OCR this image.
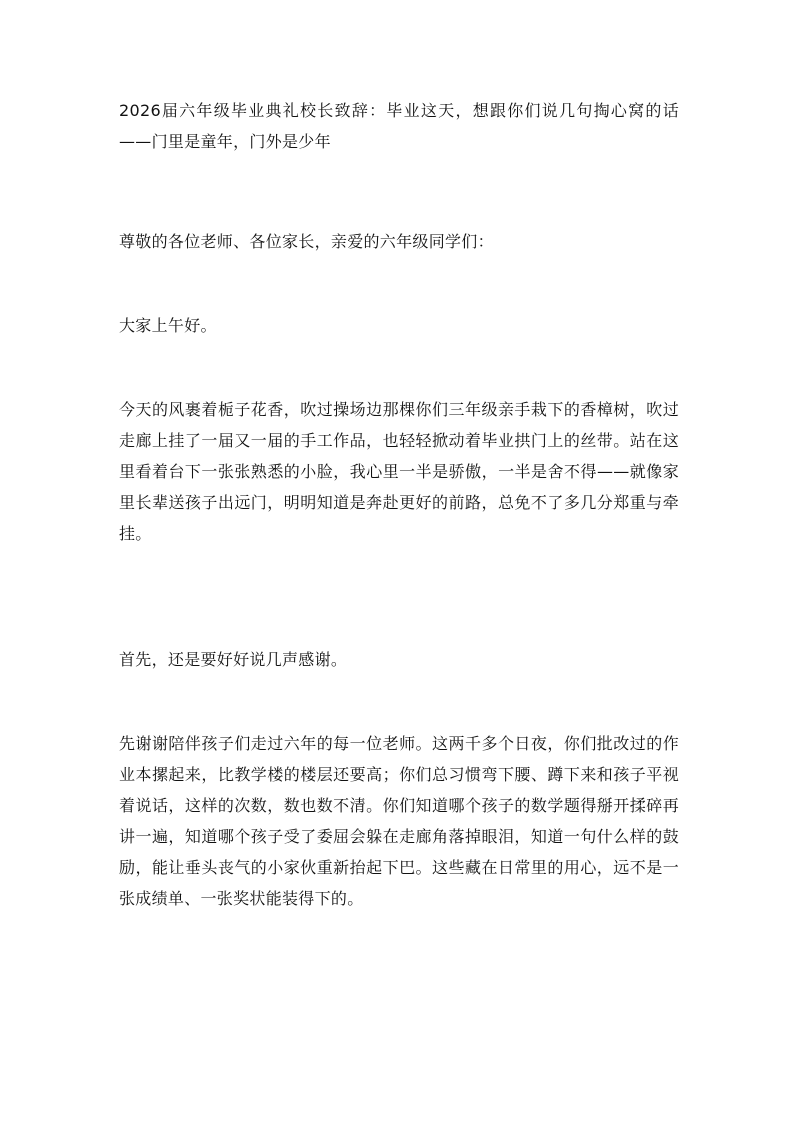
2026届六年级毕业典礼校长致辞：毕业这天，想跟你们说几句掏心窝的话——门里是童年，门外是少年

尊敬的各位老师、各位家长，亲爱的六年级同学们：

大家上午好。

今天的风裹着栀子花香，吹过操场边那棵你们三年级亲手栽下的香樟树，吹过走廊上挂了一届又一届的手工作品，也轻轻掀动着毕业拱门上的丝带。站在这里看着台下一张张熟悉的小脸，我心里一半是骄傲，一半是舍不得——就像家里长辈送孩子出远门，明明知道是奔赴更好的前路，总免不了多几分郑重与牵挂。

首先，还是要好好说几声感谢。

先谢谢陪伴孩子们走过六年的每一位老师。这两千多个日夜，你们批改过的作业本摞起来，比教学楼的楼层还要高；你们总习惯弯下腰、蹲下来和孩子平视着说话，这样的次数，数也数不清。你们知道哪个孩子的数学题得掰开揉碎再讲一遍，知道哪个孩子受了委屈会躲在走廊角落掉眼泪，知道一句什么样的鼓励，能让垂头丧气的小家伙重新抬起下巴。这些藏在日常里的用心，远不是一张成绩单、一张奖状能装得下的。
